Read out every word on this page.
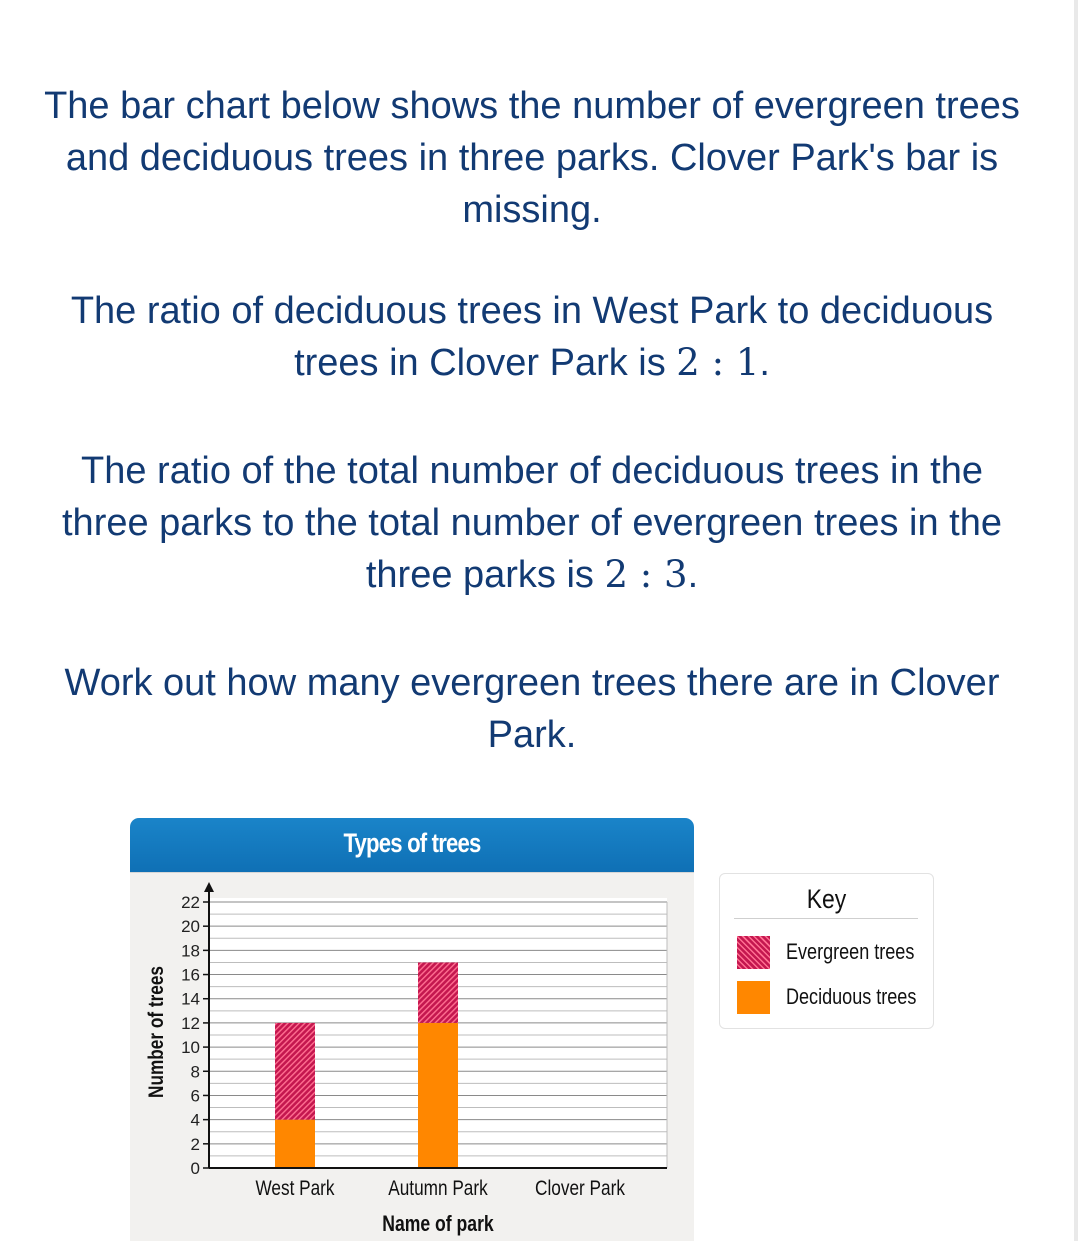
The bar chart below shows the number of evergreen trees and deciduous trees in three parks. Clover Park's bar is missing.
The ratio of deciduous trees in West Park to deciduous trees in Clover Park is 2 : 1.
The ratio of the total number of deciduous trees in the three parks to the total number of evergreen trees in the three parks is 2 : 3.
Work out how many evergreen trees there are in Clover Park.
Types of trees
West Park	Autumn Park Clover Park
0
2
4
6
8
10
12
14
16
18
20
22
Name of park
Number of trees
Key
Evergreen trees
Deciduous trees
